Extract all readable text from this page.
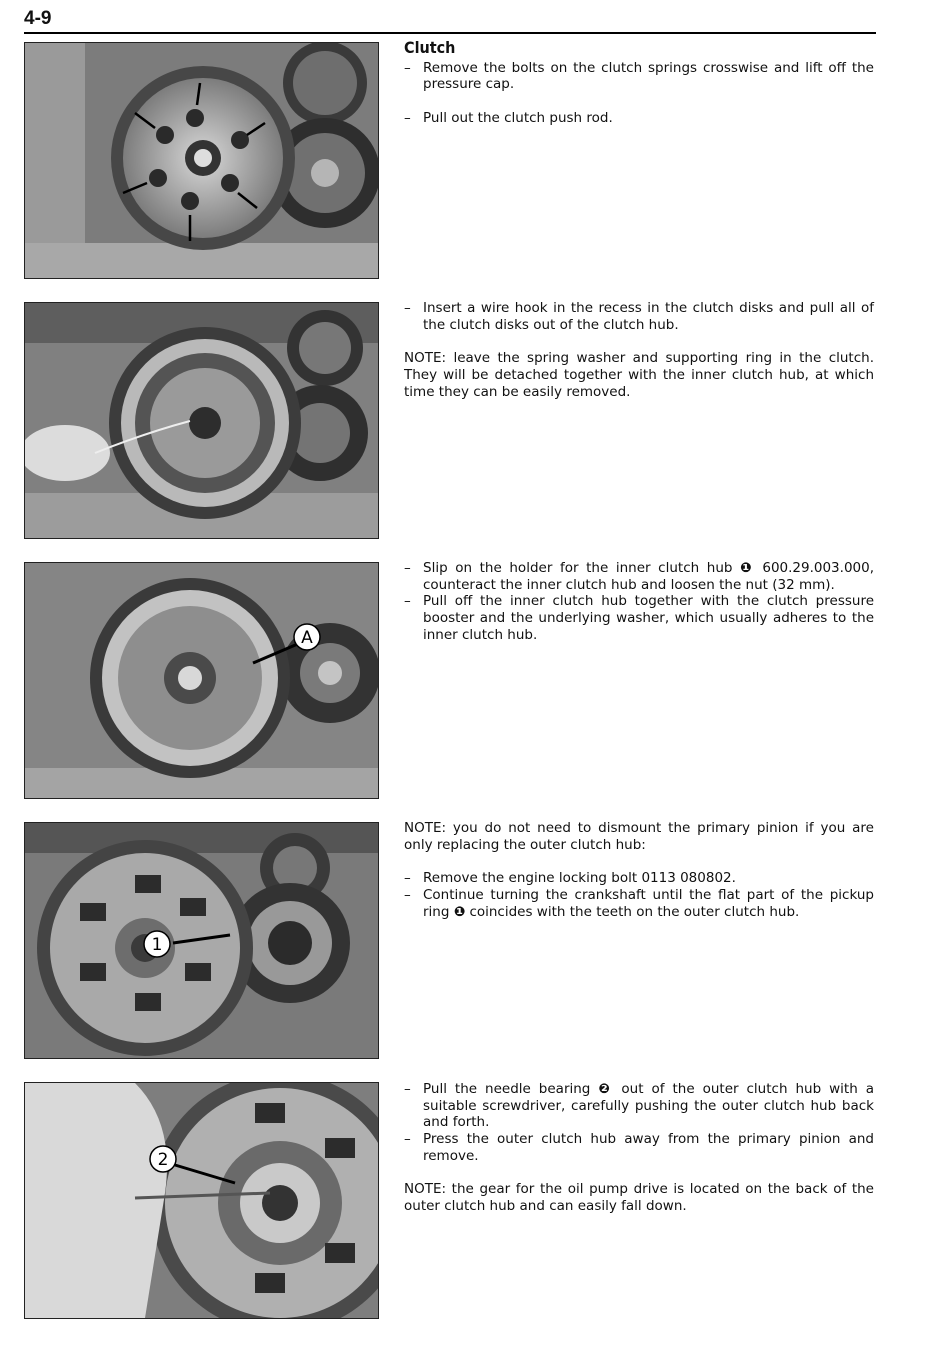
4-9
A
1
2
Clutch

– Remove the bolts on the clutch springs crosswise and lift off the pressure cap.

– Pull out the clutch push rod.

– Insert a wire hook in the recess in the clutch disks and pull all of the clutch disks out of the clutch hub.

NOTE: leave the spring washer and supporting ring in the clutch. They will be detached together with the inner clutch hub, at which time they can be easily removed.

– Slip on the holder for the inner clutch hub ❶ 600.29.003.000, counteract the inner clutch hub and loosen the nut (32 mm).

– Pull off the inner clutch hub together with the clutch pressure booster and the underlying washer, which usually adheres to the inner clutch hub.

NOTE: you do not need to dismount the primary pinion if you are only replacing the outer clutch hub:

– Remove the engine locking bolt 0113 080802.

– Continue turning the crankshaft until the flat part of the pickup ring ❶ coincides with the teeth on the outer clutch hub.

– Pull the needle bearing ❷ out of the outer clutch hub with a suitable screwdriver, carefully pushing the outer clutch hub back and forth.

– Press the outer clutch hub away from the primary pinion and remove.

NOTE: the gear for the oil pump drive is located on the back of the outer clutch hub and can easily fall down.
